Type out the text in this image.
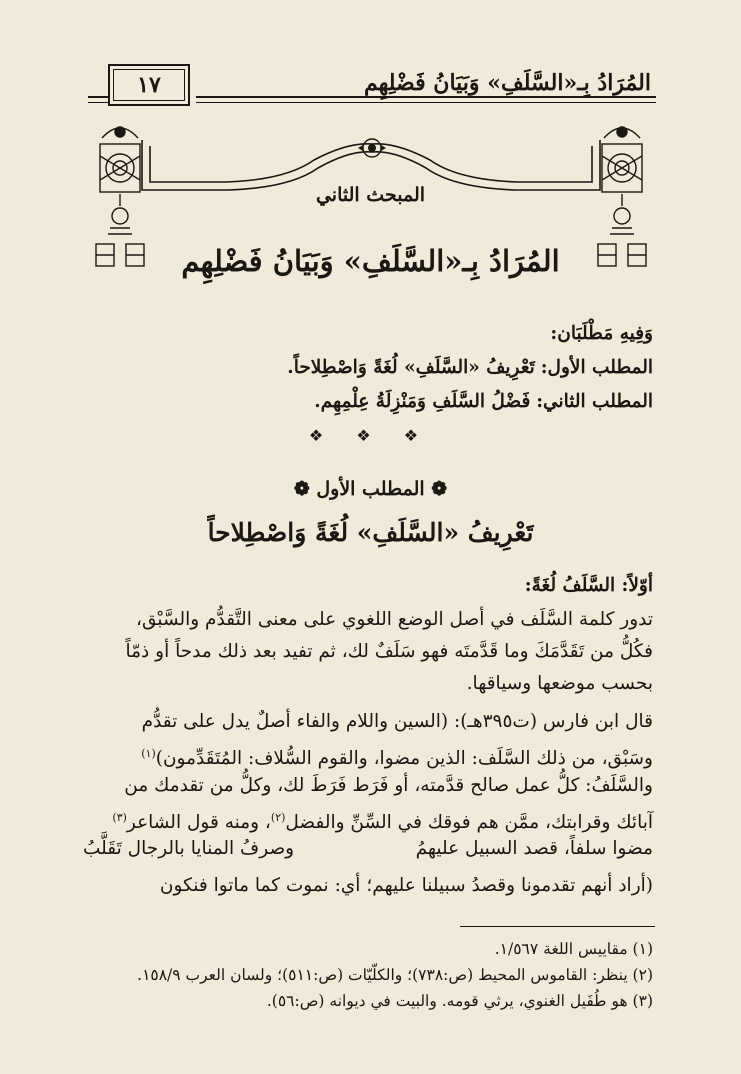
المُرَادُ بِـ«السَّلَفِ» وَبَيَانُ فَضْلِهِم
١٧
المبحث الثاني
المُرَادُ بِـ«السَّلَفِ» وَبَيَانُ فَضْلِهِم
وَفِيهِ مَطْلَبَان:
المطلب الأول: تَعْرِيفُ «السَّلَفِ» لُغَةً وَاصْطِلاحاً.
المطلب الثاني: فَضْلُ السَّلَفِ وَمَنْزِلَةُ عِلْمِهِم.
❖ ❖ ❖
❁ المطلب الأول ❁
تَعْرِيفُ «السَّلَفِ» لُغَةً وَاصْطِلاحاً
أوّلاً: السَّلَفُ لُغَةً:
تدور كلمة السَّلَف في أصل الوضع اللغوي على معنى التَّقدُّم والسَّبْق،
فكُلُّ من تَقَدَّمَكَ وما قَدَّمتَه فهو سَلَفٌ لك، ثم تفيد بعد ذلك مدحاً أو ذمّاً
بحسب موضعها وسياقها.
قال ابن فارس (ت٣٩٥هـ): (السين واللام والفاء أصلٌ يدل على تقدُّم
وسَبْق، من ذلك السَّلَف: الذين مضوا، والقوم السُّلاف: المُتَقَدِّمون)$^{(١)}$
والسَّلَفُ: كلُّ عمل صالح قدَّمته، أو فَرَط فَرَطَ لك، وكلُّ من تقدمك من
آبائك وقرابتك، ممَّن هم فوقك في السِّنِّ والفضل$^{(٢)}$، ومنه قول الشاعر$^{(٣)}$
مضوا سلفاً، قصد السبيل عليهمُ
وصرفُ المنايا بالرجال تَقَلَّبُ
(أراد أنهم تقدمونا وقصدُ سبيلنا عليهم؛ أي: نموت كما ماتوا فنكون
(١) مقاييس اللغة ١/٥٦٧.
(٢) ينظر: القاموس المحيط (ص:٧٣٨)؛ والكلّيّات (ص:٥١١)؛ ولسان العرب ١٥٨/٩.
(٣) هو طُفَيل الغنوي، يرثي قومه. والبيت في ديوانه (ص:٥٦).
